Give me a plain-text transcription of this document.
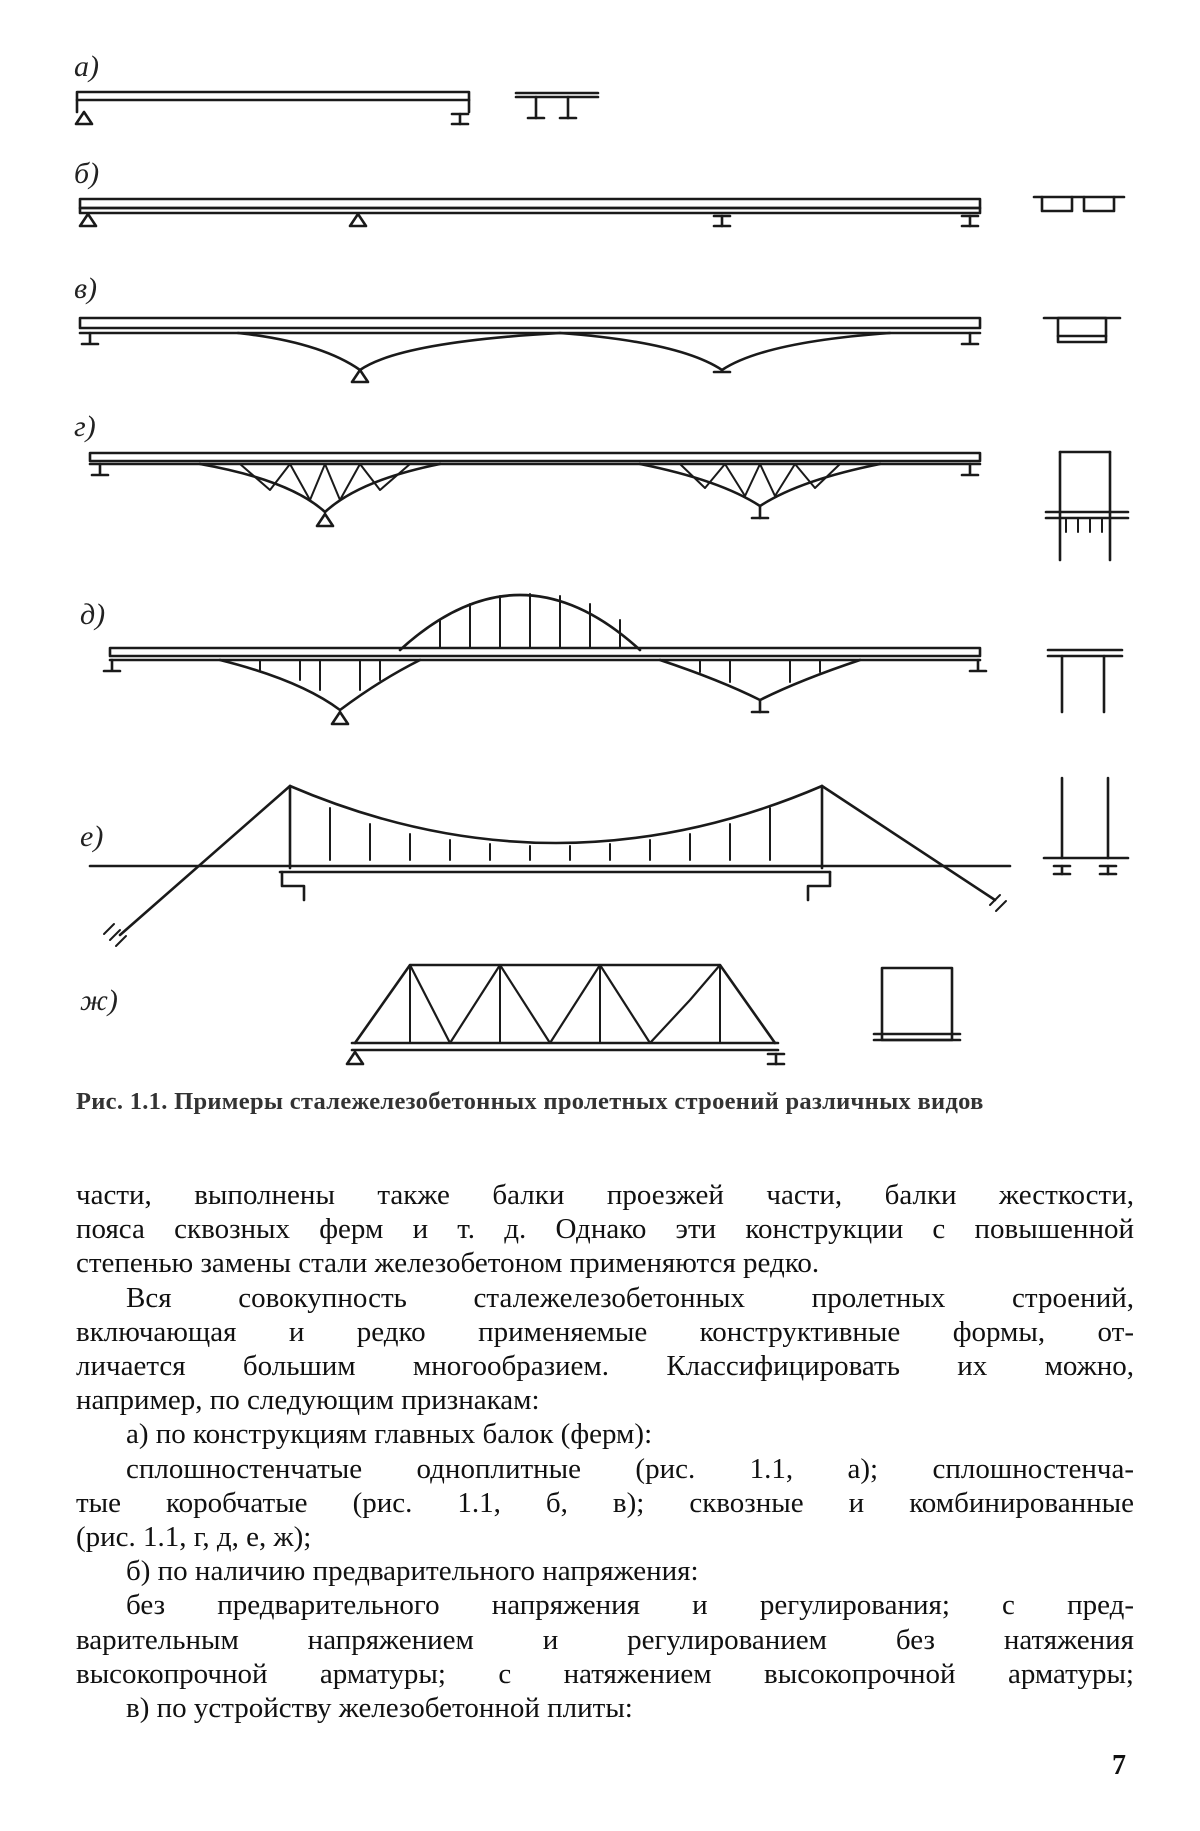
а)
б)
в)
г)
д)
е)
ж)
Рис. 1.1. Примеры сталежелезобетонных пролетных строений различных видов
части, выполнены также балки проезжей части, балки жесткости,
пояса сквозных ферм и т. д. Однако эти конструкции с повышенной
степенью замены стали железобетоном применяются редко.
Вся совокупность сталежелезобетонных пролетных строений,
включающая и редко применяемые конструктивные формы, от-
личается большим многообразием. Классифицировать их можно,
например, по следующим признакам:
а) по конструкциям главных балок (ферм):
сплошностенчатые одноплитные (рис. 1.1, а); сплошностенча-
тые коробчатые (рис. 1.1, б, в); сквозные и комбинированные
(рис. 1.1, г, д, е, ж);
б) по наличию предварительного напряжения:
без предварительного напряжения и регулирования; с пред-
варительным напряжением и регулированием без натяжения
высокопрочной арматуры; с натяжением высокопрочной арматуры;
в) по устройству железобетонной плиты:
7
